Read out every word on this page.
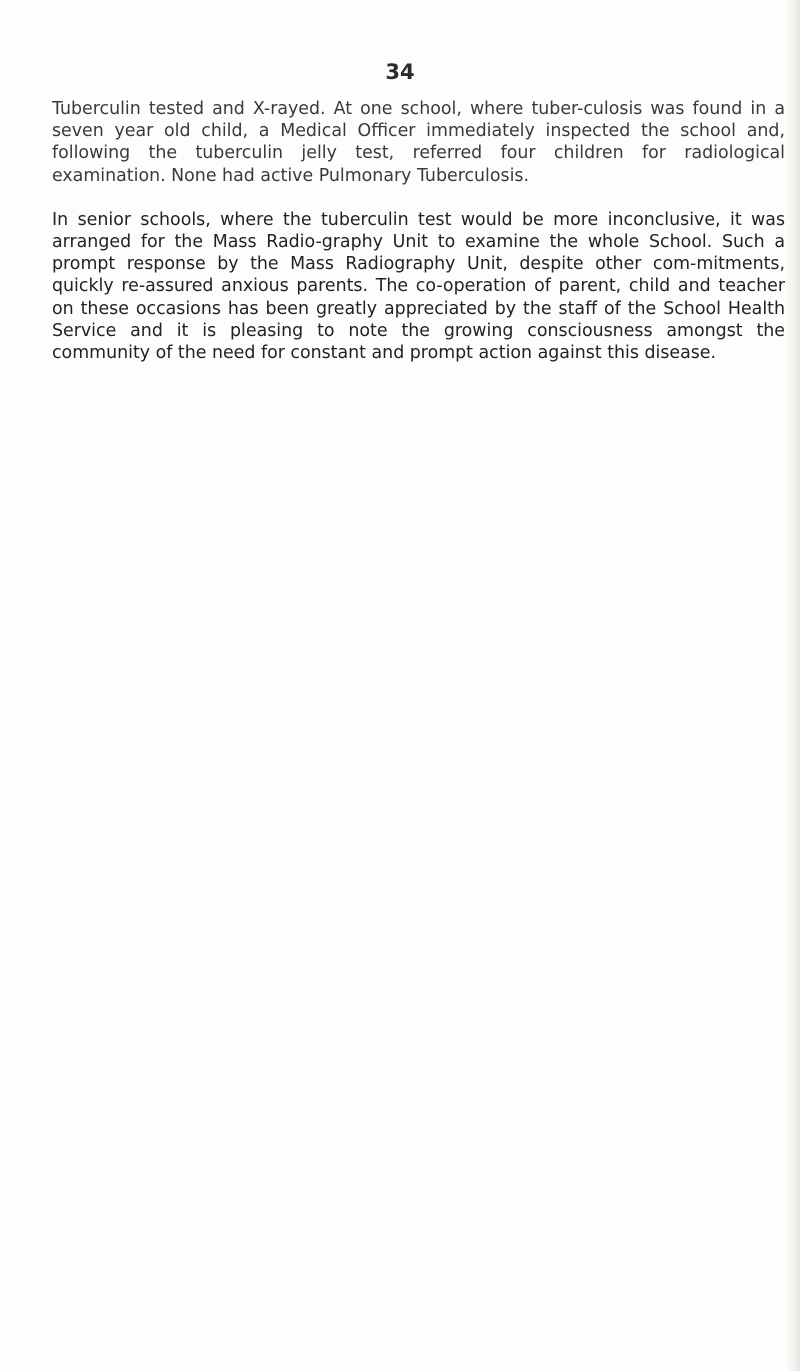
34

Tuberculin tested and X-rayed. At one school, where tuber-culosis was found in a seven year old child, a Medical Officer immediately inspected the school and, following the tuberculin jelly test, referred four children for radiological examination. None had active Pulmonary Tuberculosis.

In senior schools, where the tuberculin test would be more inconclusive, it was arranged for the Mass Radio-graphy Unit to examine the whole School. Such a prompt response by the Mass Radiography Unit, despite other com-mitments, quickly re-assured anxious parents. The co-operation of parent, child and teacher on these occasions has been greatly appreciated by the staff of the School Health Service and it is pleasing to note the growing consciousness amongst the community of the need for constant and prompt action against this disease.
